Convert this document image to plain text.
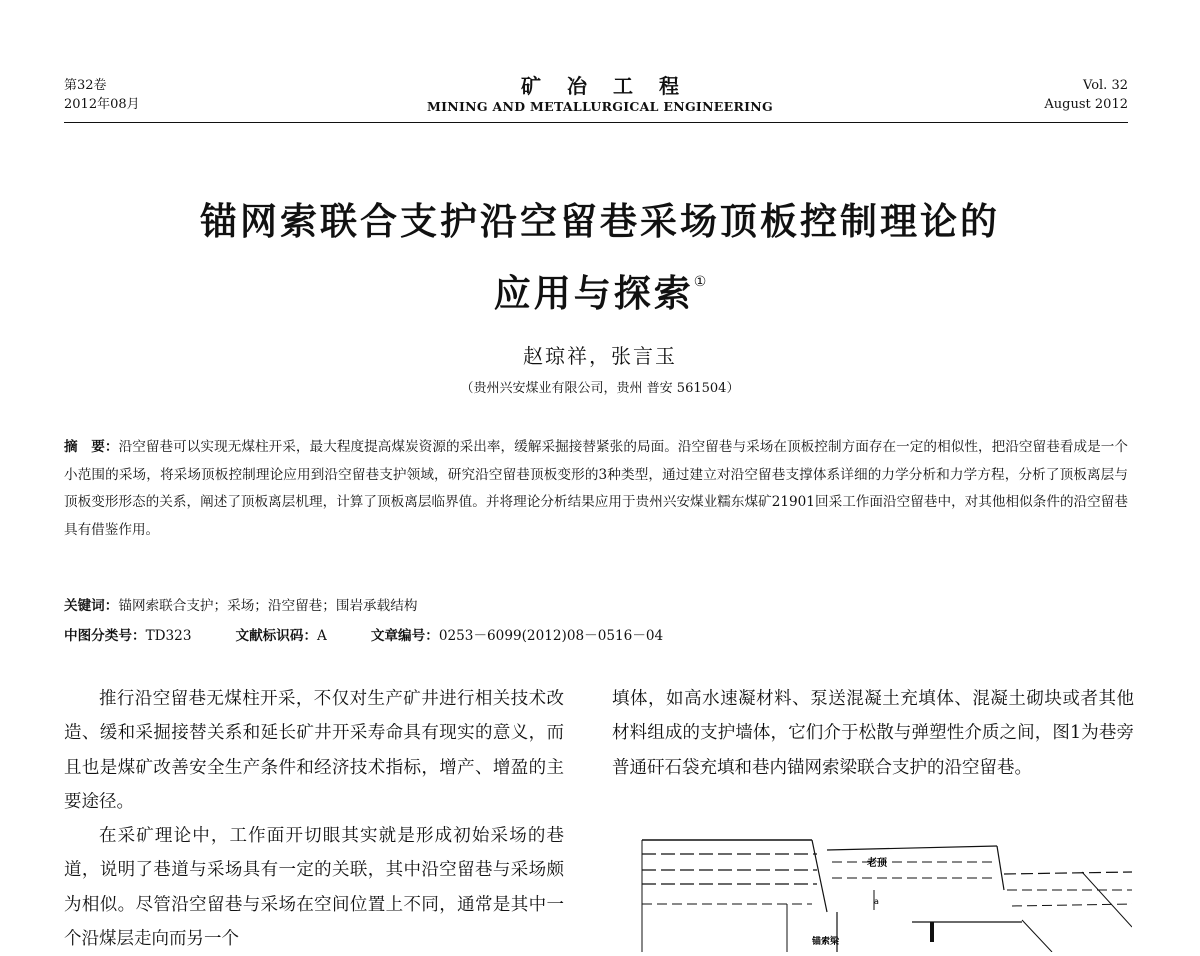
第32卷
2012年08月
矿冶工程
MINING AND METALLURGICAL ENGINEERING
Vol. 32
August 2012
锚网索联合支护沿空留巷采场顶板控制理论的
应用与探索①
赵琼祥，张言玉
（贵州兴安煤业有限公司，贵州 普安 561504）
摘　要：沿空留巷可以实现无煤柱开采，最大程度提高煤炭资源的采出率，缓解采掘接替紧张的局面。沿空留巷与采场在顶板控制方面存在一定的相似性，把沿空留巷看成是一个小范围的采场，将采场顶板控制理论应用到沿空留巷支护领域，研究沿空留巷顶板变形的3种类型，通过建立对沿空留巷支撑体系详细的力学分析和力学方程，分析了顶板离层与顶板变形形态的关系，阐述了顶板离层机理，计算了顶板离层临界值。并将理论分析结果应用于贵州兴安煤业糯东煤矿21901回采工作面沿空留巷中，对其他相似条件的沿空留巷具有借鉴作用。
关键词：锚网索联合支护；采场；沿空留巷；围岩承载结构
中图分类号：TD323	文献标识码：A	文章编号：0253－6099(2012)08－0516－04

推行沿空留巷无煤柱开采，不仅对生产矿井进行相关技术改造、缓和采掘接替关系和延长矿井开采寿命具有现实的意义，而且也是煤矿改善安全生产条件和经济技术指标，增产、增盈的主要途径。

在采矿理论中，工作面开切眼其实就是形成初始采场的巷道，说明了巷道与采场具有一定的关联，其中沿空留巷与采场颇为相似。尽管沿空留巷与采场在空间位置上不同，通常是其中一个沿煤层走向而另一个

填体，如高水速凝材料、泵送混凝土充填体、混凝土砌块或者其他材料组成的支护墙体，它们介于松散与弹塑性介质之间，图1为巷旁普通矸石袋充填和巷内锚网索梁联合支护的沿空留巷。

老顶
锚索梁
a
